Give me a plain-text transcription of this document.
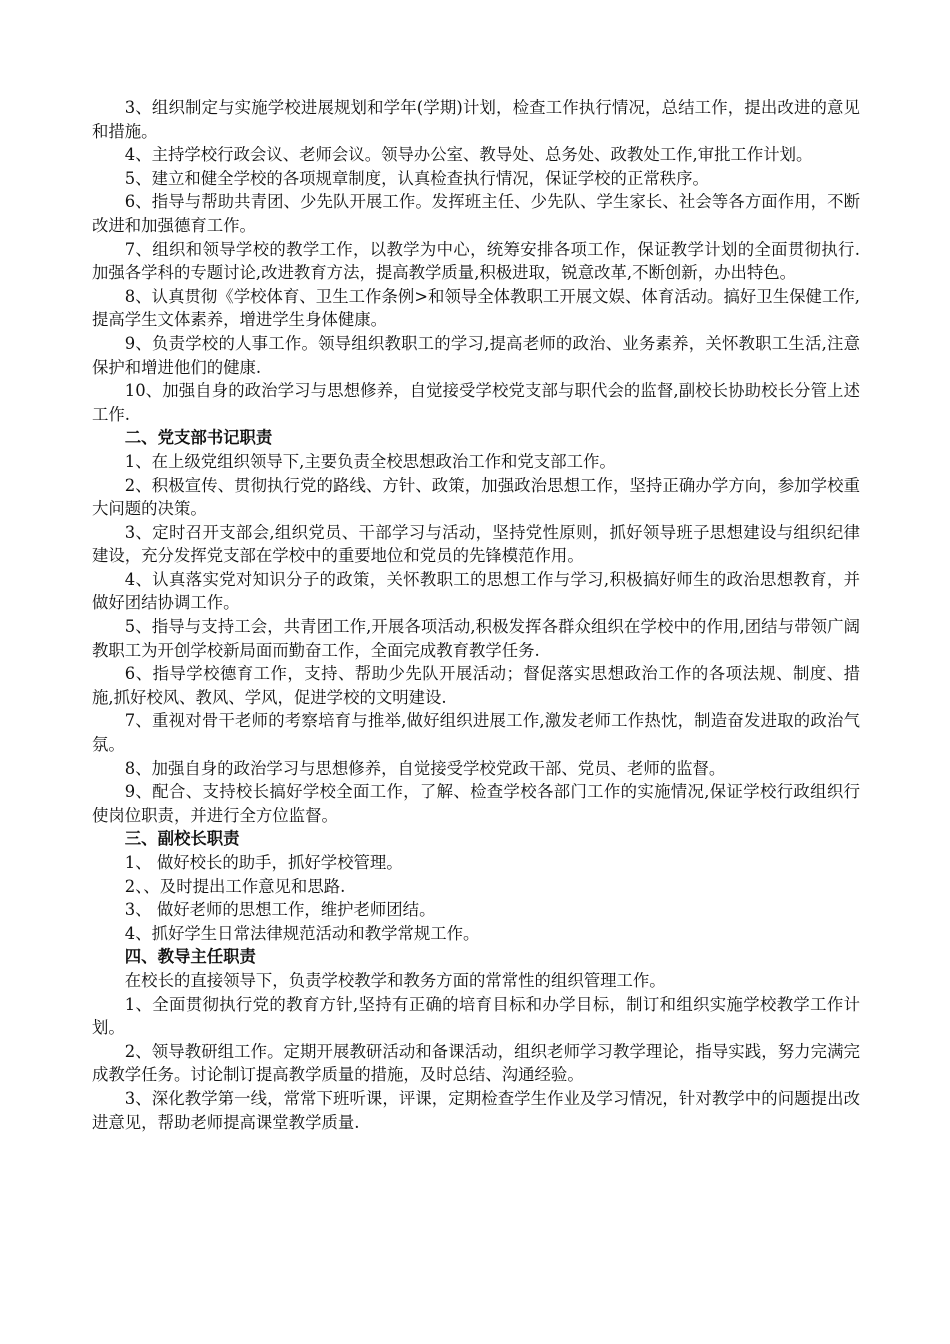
3、组织制定与实施学校进展规划和学年(学期)计划，检查工作执行情况，总结工作，提出改进的意见和措施。

4、主持学校行政会议、老师会议。领导办公室、教导处、总务处、政教处工作,审批工作计划。

5、建立和健全学校的各项规章制度，认真检查执行情况，保证学校的正常秩序。

6、指导与帮助共青团、少先队开展工作。发挥班主任、少先队、学生家长、社会等各方面作用，不断改进和加强德育工作。

7、组织和领导学校的教学工作，以教学为中心，统筹安排各项工作，保证教学计划的全面贯彻执行.加强各学科的专题讨论,改进教育方法，提高教学质量,积极进取，锐意改革,不断创新，办出特色。

8、认真贯彻《学校体育、卫生工作条例>和领导全体教职工开展文娱、体育活动。搞好卫生保健工作,提高学生文体素养，增进学生身体健康。

9、负责学校的人事工作。领导组织教职工的学习,提高老师的政治、业务素养，关怀教职工生活,注意保护和增进他们的健康.

10、加强自身的政治学习与思想修养，自觉接受学校党支部与职代会的监督,副校长协助校长分管上述工作.

二、党支部书记职责

1、在上级党组织领导下,主要负责全校思想政治工作和党支部工作。

2、积极宣传、贯彻执行党的路线、方针、政策，加强政治思想工作，坚持正确办学方向，参加学校重大问题的决策。

3、定时召开支部会,组织党员、干部学习与活动，坚持党性原则，抓好领导班子思想建设与组织纪律建设，充分发挥党支部在学校中的重要地位和党员的先锋模范作用。

4、认真落实党对知识分子的政策，关怀教职工的思想工作与学习,积极搞好师生的政治思想教育，并做好团结协调工作。

5、指导与支持工会，共青团工作,开展各项活动,积极发挥各群众组织在学校中的作用,团结与带领广阔教职工为开创学校新局面而勤奋工作，全面完成教育教学任务.

6、指导学校德育工作，支持、帮助少先队开展活动；督促落实思想政治工作的各项法规、制度、措施,抓好校风、教风、学风，促进学校的文明建设.

7、重视对骨干老师的考察培育与推举,做好组织进展工作,激发老师工作热忱，制造奋发进取的政治气氛。

8、加强自身的政治学习与思想修养，自觉接受学校党政干部、党员、老师的监督。

9、配合、支持校长搞好学校全面工作，了解、检查学校各部门工作的实施情况,保证学校行政组织行使岗位职责，并进行全方位监督。

三、副校长职责

1、 做好校长的助手，抓好学校管理。

2、、及时提出工作意见和思路.

3、 做好老师的思想工作，维护老师团结。

4、抓好学生日常法律规范活动和教学常规工作。

四、教导主任职责

在校长的直接领导下，负责学校教学和教务方面的常常性的组织管理工作。

1、全面贯彻执行党的教育方针,坚持有正确的培育目标和办学目标，制订和组织实施学校教学工作计划。

2、领导教研组工作。定期开展教研活动和备课活动，组织老师学习教学理论，指导实践，努力完满完成教学任务。讨论制订提高教学质量的措施，及时总结、沟通经验。

3、深化教学第一线，常常下班听课，评课，定期检查学生作业及学习情况，针对教学中的问题提出改进意见，帮助老师提高课堂教学质量.
